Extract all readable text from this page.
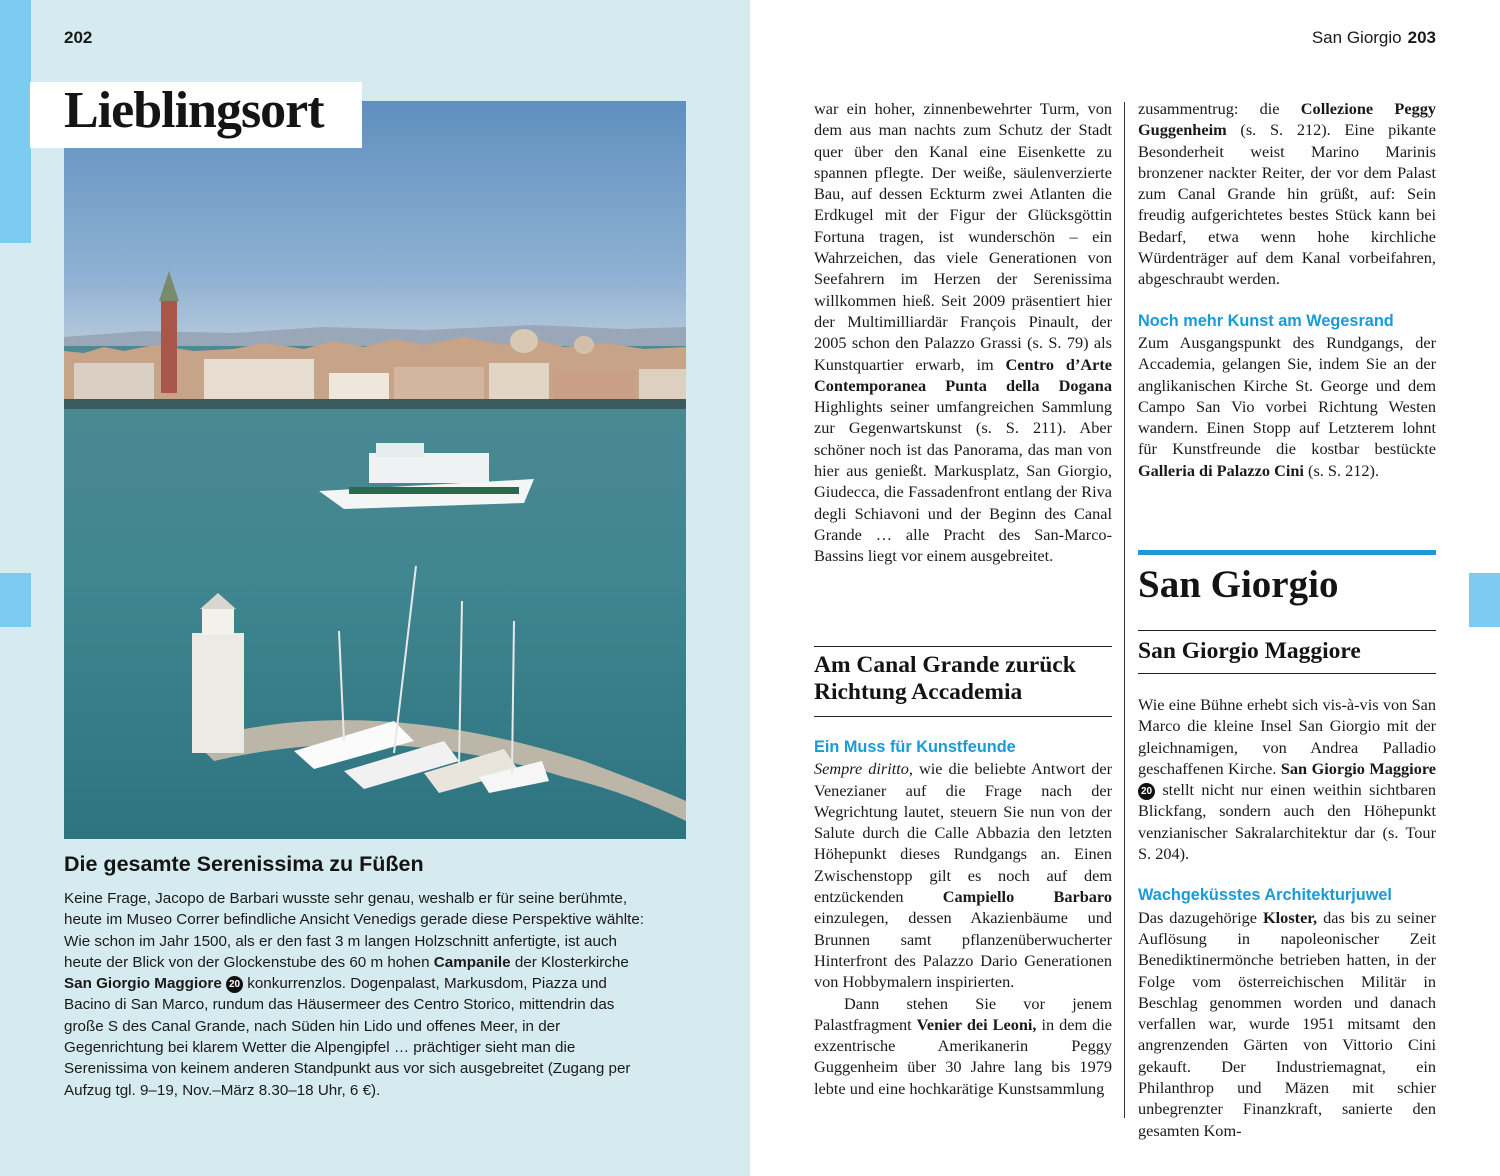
202
Lieblingsort
Die gesamte Serenissima zu Füßen

Keine Frage, Jacopo de Barbari wusste sehr genau, weshalb er für seine berühmte, heute im Museo Correr befindliche Ansicht Venedigs gerade diese Perspektive wählte: Wie schon im Jahr 1500, als er den fast 3 m langen Holzschnitt anfertigte, ist auch heute der Blick von der Glockenstube des 60 m hohen Campanile der Klosterkirche San Giorgio Maggiore 20 konkurrenzlos. Dogenpalast, Markusdom, Piazza und Bacino di San Marco, rundum das Häusermeer des Centro Storico, mittendrin das große S des Canal Grande, nach Süden hin Lido und offenes Meer, in der Gegenrichtung bei klarem Wetter die Alpengipfel … prächtiger sieht man die Serenissima von keinem anderen Standpunkt aus vor sich ausgebreitet (Zugang per Aufzug tgl. 9–19, Nov.–März 8.30–18 Uhr, 6 €).

San Giorgio 203

war ein hoher, zinnenbewehrter Turm, von dem aus man nachts zum Schutz der Stadt quer über den Kanal eine Eisenkette zu spannen pflegte. Der weiße, säulenverzierte Bau, auf dessen Eckturm zwei Atlanten die Erdkugel mit der Figur der Glücksgöttin Fortuna tragen, ist wunderschön – ein Wahrzeichen, das viele Generationen von Seefahrern im Herzen der Serenissima willkommen hieß. Seit 2009 präsentiert hier der Multimilliardär François Pinault, der 2005 schon den Palazzo Grassi (s. S. 79) als Kunstquartier erwarb, im Centro d’Arte Contemporanea Punta della Dogana Highlights seiner umfangreichen Sammlung zur Gegenwartskunst (s. S. 211). Aber schöner noch ist das Panorama, das man von hier aus genießt. Markusplatz, San Giorgio, Giudecca, die Fassadenfront entlang der Riva degli Schiavoni und der Beginn des Canal Grande … alle Pracht des San-Marco-Bassins liegt vor einem ausgebreitet.

Am Canal Grande zurück Richtung Accademia

Ein Muss für Kunstfeunde

Sempre diritto, wie die beliebte Antwort der Venezianer auf die Frage nach der Wegrichtung lautet, steuern Sie nun von der Salute durch die Calle Abbazia den letzten Höhepunkt dieses Rundgangs an. Einen Zwischenstopp gilt es noch auf dem entzückenden Campiello Barbaro einzulegen, dessen Akazienbäume und Brunnen samt pflanzenüberwucherter Hinterfront des Palazzo Dario Generationen von Hobbymalern inspirierten.

Dann stehen Sie vor jenem Palastfragment Venier dei Leoni, in dem die exzentrische Amerikanerin Peggy Guggenheim über 30 Jahre lang bis 1979 lebte und eine hochkarätige Kunstsammlung

zusammentrug: die Collezione Peggy Guggenheim (s. S. 212). Eine pikante Besonderheit weist Marino Marinis bronzener nackter Reiter, der vor dem Palast zum Canal Grande hin grüßt, auf: Sein freudig aufgerichtetes bestes Stück kann bei Bedarf, etwa wenn hohe kirchliche Würdenträger auf dem Kanal vorbeifahren, abgeschraubt werden.

Noch mehr Kunst am Wegesrand

Zum Ausgangspunkt des Rundgangs, der Accademia, gelangen Sie, indem Sie an der anglikanischen Kirche St. George und dem Campo San Vio vorbei Richtung Westen wandern. Einen Stopp auf Letzterem lohnt für Kunstfreunde die kostbar bestückte Galleria di Palazzo Cini (s. S. 212).

San Giorgio
San Giorgio Maggiore

Wie eine Bühne erhebt sich vis-à-vis von San Marco die kleine Insel San Giorgio mit der gleichnamigen, von Andrea Palladio geschaffenen Kirche. San Giorgio Maggiore 20 stellt nicht nur einen weithin sichtbaren Blickfang, sondern auch den Höhepunkt venzianischer Sakralarchitektur dar (s. Tour S. 204).

Wachgeküsstes Architekturjuwel

Das dazugehörige Kloster, das bis zu seiner Auflösung in napoleonischer Zeit Benediktinermönche betrieben hatten, in der Folge vom österreichischen Militär in Beschlag genommen worden und danach verfallen war, wurde 1951 mitsamt den angrenzenden Gärten von Vittorio Cini gekauft. Der Industriemagnat, ein Philanthrop und Mäzen mit schier unbegrenzter Finanzkraft, sanierte den gesamten Kom-
